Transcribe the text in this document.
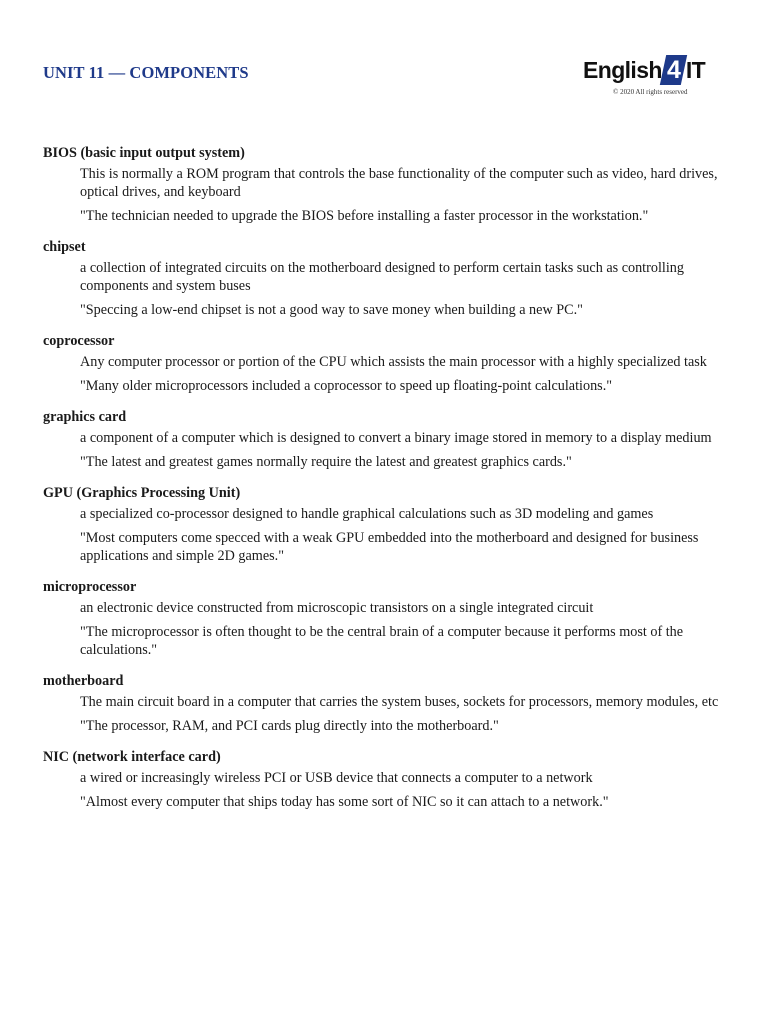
UNIT 11 — COMPONENTS	English 4 IT
© 2020 All rights reserved
BIOS (basic input output system)
This is normally a ROM program that controls the base functionality of the computer such as video, hard drives, optical drives, and keyboard
"The technician needed to upgrade the BIOS before installing a faster processor in the workstation."
chipset
a collection of integrated circuits on the motherboard designed to perform certain tasks such as controlling components and system buses
"Speccing a low-end chipset is not a good way to save money when building a new PC."
coprocessor
Any computer processor or portion of the CPU which assists the main processor with a highly specialized task
"Many older microprocessors included a coprocessor to speed up floating-point calculations."
graphics card
a component of a computer which is designed to convert a binary image stored in memory to a display medium
"The latest and greatest games normally require the latest and greatest graphics cards."
GPU (Graphics Processing Unit)
a specialized co-processor designed to handle graphical calculations such as 3D modeling and games
"Most computers come specced with a weak GPU embedded into the motherboard and designed for business applications and simple 2D games."
microprocessor
an electronic device constructed from microscopic transistors on a single integrated circuit
"The microprocessor is often thought to be the central brain of a computer because it performs most of the calculations."
motherboard
The main circuit board in a computer that carries the system buses, sockets for processors, memory modules, etc
"The processor, RAM, and PCI cards plug directly into the motherboard."
NIC (network interface card)
a wired or increasingly wireless PCI or USB device that connects a computer to a network
"Almost every computer that ships today has some sort of NIC so it can attach to a network."
